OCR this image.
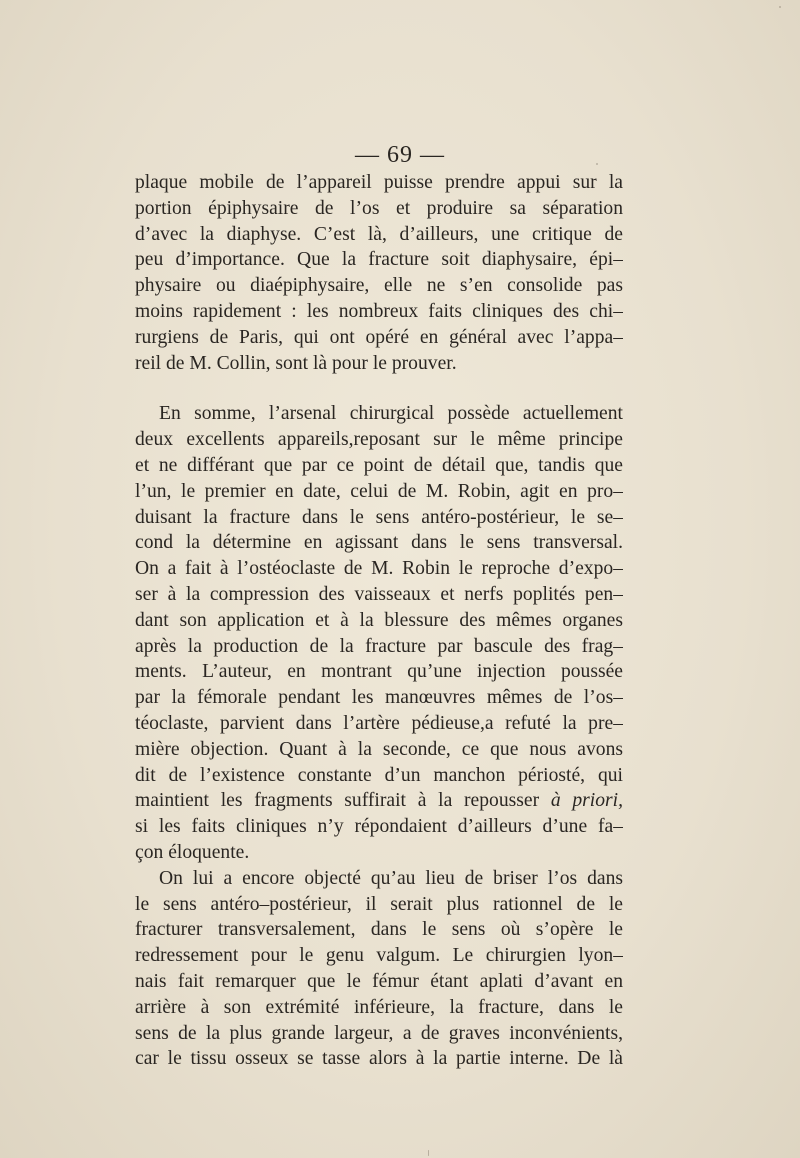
— 69 —
plaque mobile de l’appareil puisse prendre appui sur la
portion épiphysaire de l’os et produire sa séparation
d’avec la diaphyse. C’est là, d’ailleurs, une critique de
peu d’importance. Que la fracture soit diaphysaire, épi–
physaire ou diaépiphysaire, elle ne s’en consolide pas
moins rapidement : les nombreux faits cliniques des chi–
rurgiens de Paris, qui ont opéré en général avec l’appa–
reil de M. Collin, sont là pour le prouver.
En somme, l’arsenal chirurgical possède actuellement
deux excellents appareils,reposant sur le même principe
et ne différant que par ce point de détail que, tandis que
l’un, le premier en date, celui de M. Robin, agit en pro–
duisant la fracture dans le sens antéro-postérieur, le se–
cond la détermine en agissant dans le sens transversal.
On a fait à l’ostéoclaste de M. Robin le reproche d’expo–
ser à la compression des vaisseaux et nerfs poplités pen–
dant son application et à la blessure des mêmes organes
après la production de la fracture par bascule des frag–
ments. L’auteur, en montrant qu’une injection poussée
par la fémorale pendant les manœuvres mêmes de l’os–
téoclaste, parvient dans l’artère pédieuse,a refuté la pre–
mière objection. Quant à la seconde, ce que nous avons
dit de l’existence constante d’un manchon périosté, qui
maintient les fragments suffirait à la repousser à priori,
si les faits cliniques n’y répondaient d’ailleurs d’une fa–
çon éloquente.
On lui a encore objecté qu’au lieu de briser l’os dans
le sens antéro–postérieur, il serait plus rationnel de le
fracturer transversalement, dans le sens où s’opère le
redressement pour le genu valgum. Le chirurgien lyon–
nais fait remarquer que le fémur étant aplati d’avant en
arrière à son extrémité inférieure, la fracture, dans le
sens de la plus grande largeur, a de graves inconvénients,
car le tissu osseux se tasse alors à la partie interne. De là
